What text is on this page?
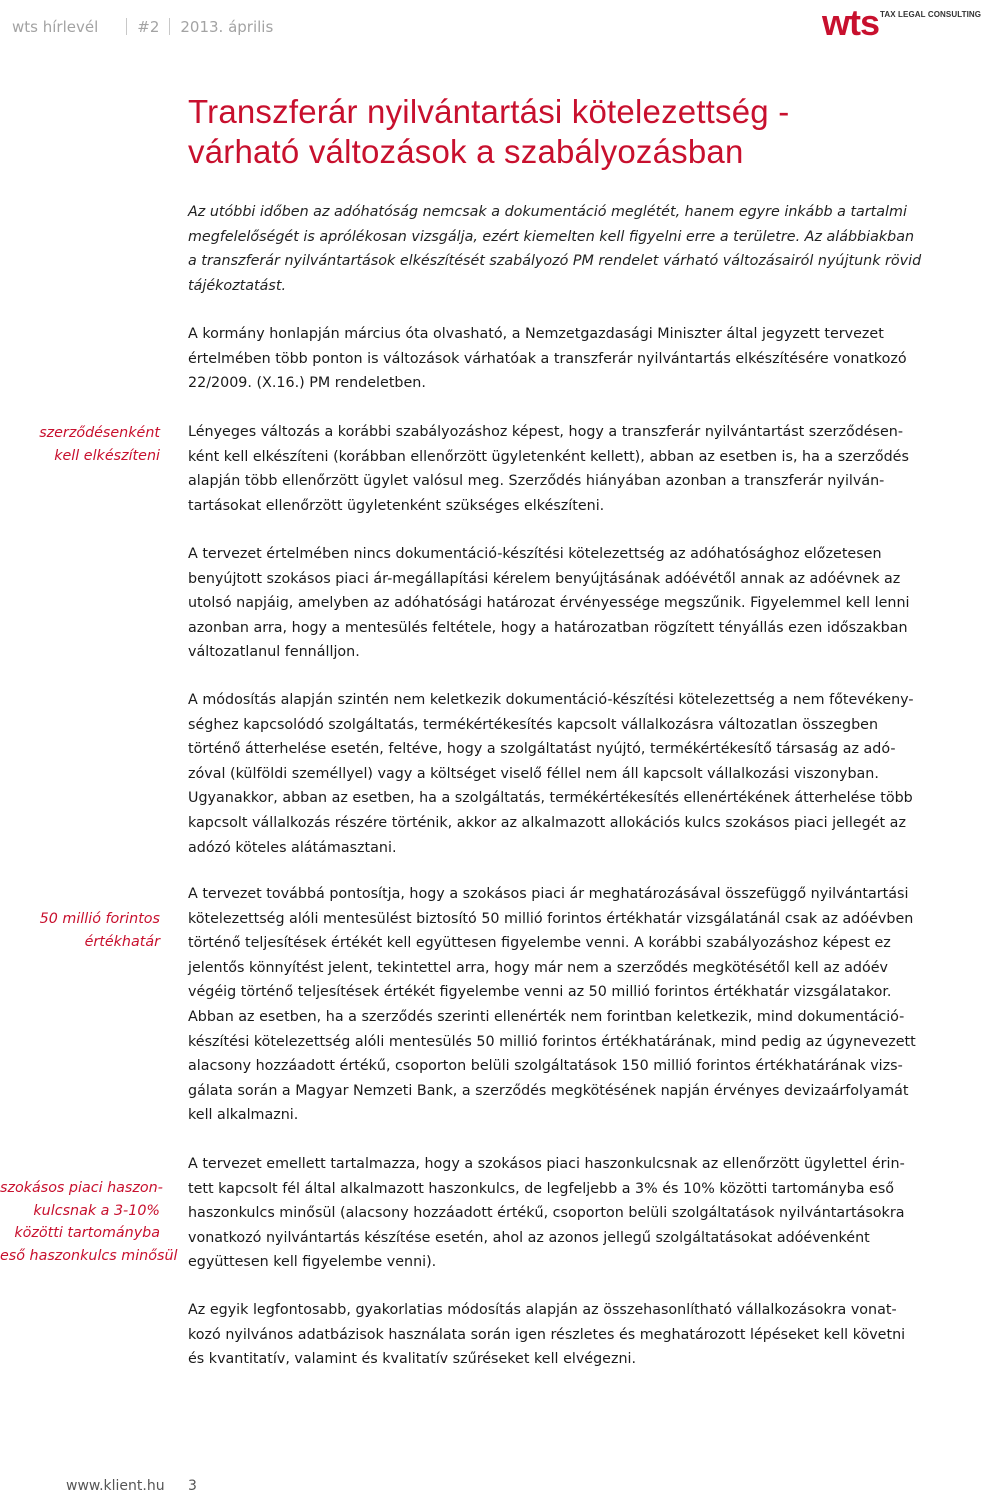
wts hírlevél	#2 2013. április	wts TAX LEGAL CONSULTING
Transzferár nyilvántartási kötelezettség -
várható változások a szabályozásban
Az utóbbi időben az adóhatóság nemcsak a dokumentáció meglétét, hanem egyre inkább a tartalmi
megfelelőségét is aprólékosan vizsgálja, ezért kiemelten kell figyelni erre a területre. Az alábbiakban
a transzferár nyilvántartások elkészítését szabályozó PM rendelet várható változásairól nyújtunk rövid
tájékoztatást.
A kormány honlapján március óta olvasható, a Nemzetgazdasági Miniszter által jegyzett tervezet
értelmében több ponton is változások várhatóak a transzferár nyilvántartás elkészítésére vonatkozó
22/2009. (X.16.) PM rendeletben.
szerződésenként
kell elkészíteni
Lényeges változás a korábbi szabályozáshoz képest, hogy a transzferár nyilvántartást szerződésen-
ként kell elkészíteni (korábban ellenőrzött ügyletenként kellett), abban az esetben is, ha a szerződés
alapján több ellenőrzött ügylet valósul meg. Szerződés hiányában azonban a transzferár nyilván-
tartásokat ellenőrzött ügyletenként szükséges elkészíteni.
A tervezet értelmében nincs dokumentáció-készítési kötelezettség az adóhatósághoz előzetesen
benyújtott szokásos piaci ár-megállapítási kérelem benyújtásának adóévétől annak az adóévnek az
utolsó napjáig, amelyben az adóhatósági határozat érvényessége megszűnik. Figyelemmel kell lenni
azonban arra, hogy a mentesülés feltétele, hogy a határozatban rögzített tényállás ezen időszakban
változatlanul fennálljon.
A módosítás alapján szintén nem keletkezik dokumentáció-készítési kötelezettség a nem főtevékeny-
séghez kapcsolódó szolgáltatás, termékértékesítés kapcsolt vállalkozásra változatlan összegben
történő átterhelése esetén, feltéve, hogy a szolgáltatást nyújtó, termékértékesítő társaság az adó-
zóval (külföldi személlyel) vagy a költséget viselő féllel nem áll kapcsolt vállalkozási viszonyban.
Ugyanakkor, abban az esetben, ha a szolgáltatás, termékértékesítés ellenértékének átterhelése több
kapcsolt vállalkozás részére történik, akkor az alkalmazott allokációs kulcs szokásos piaci jellegét az
adózó köteles alátámasztani.
50 millió forintos
értékhatár
A tervezet továbbá pontosítja, hogy a szokásos piaci ár meghatározásával összefüggő nyilvántartási
kötelezettség alóli mentesülést biztosító 50 millió forintos értékhatár vizsgálatánál csak az adóévben
történő teljesítések értékét kell együttesen figyelembe venni. A korábbi szabályozáshoz képest ez
jelentős könnyítést jelent, tekintettel arra, hogy már nem a szerződés megkötésétől kell az adóév
végéig történő teljesítések értékét figyelembe venni az 50 millió forintos értékhatár vizsgálatakor.
Abban az esetben, ha a szerződés szerinti ellenérték nem forintban keletkezik, mind dokumentáció-
készítési kötelezettség alóli mentesülés 50 millió forintos értékhatárának, mind pedig az úgynevezett
alacsony hozzáadott értékű, csoporton belüli szolgáltatások 150 millió forintos értékhatárának vizs-
gálata során a Magyar Nemzeti Bank, a szerződés megkötésének napján érvényes devizaárfolyamát
kell alkalmazni.
szokásos piaci haszon-
kulcsnak a 3-10%
közötti tartományba
eső haszonkulcs minősül
A tervezet emellett tartalmazza, hogy a szokásos piaci haszonkulcsnak az ellenőrzött ügylettel érin-
tett kapcsolt fél által alkalmazott haszonkulcs, de legfeljebb a 3% és 10% közötti tartományba eső
haszonkulcs minősül (alacsony hozzáadott értékű, csoporton belüli szolgáltatások nyilvántartásokra
vonatkozó nyilvántartás készítése esetén, ahol az azonos jellegű szolgáltatásokat adóévenként
együttesen kell figyelembe venni).
Az egyik legfontosabb, gyakorlatias módosítás alapján az összehasonlítható vállalkozásokra vonat-
kozó nyilvános adatbázisok használata során igen részletes és meghatározott lépéseket kell követni
és kvantitatív, valamint és kvalitatív szűréseket kell elvégezni.
www.klient.hu 3
